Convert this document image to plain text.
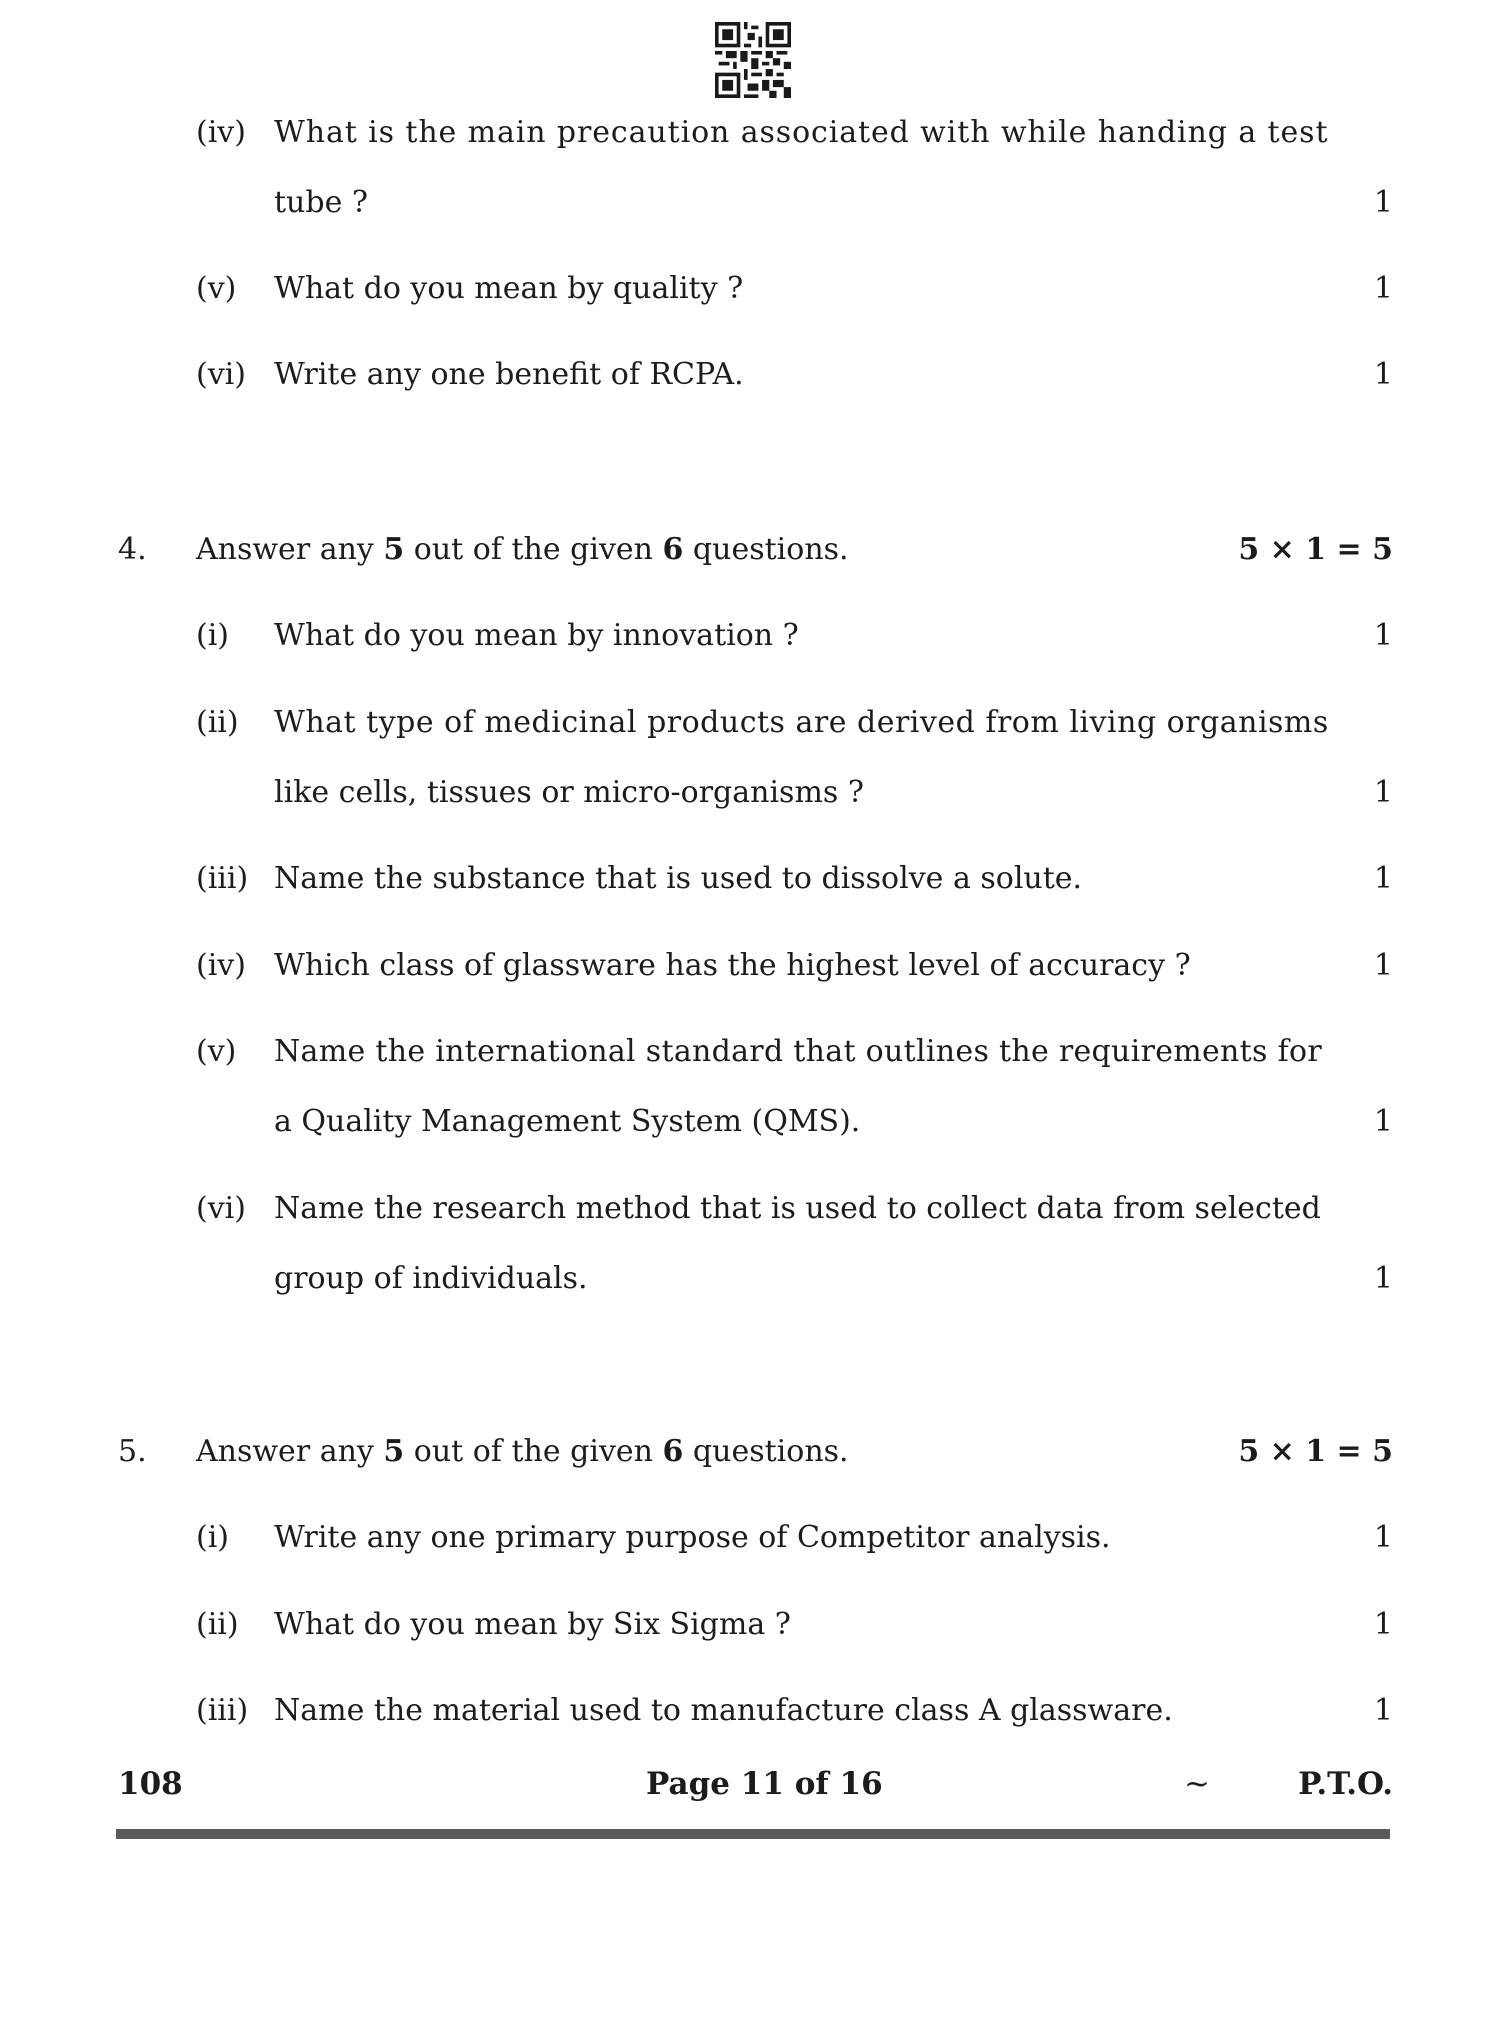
(iv) What is the main precaution associated with while handing a test
tube ?	1
(v) What do you mean by quality ?	1
(vi) Write any one benefit of RCPA.	1
4. Answer any 5 out of the given 6 questions.	5 × 1 = 5
(i) What do you mean by innovation ?	1
(ii) What type of medicinal products are derived from living organisms
like cells, tissues or micro-organisms ?	1
(iii) Name the substance that is used to dissolve a solute.	1
(iv) Which class of glassware has the highest level of accuracy ?	1
(v) Name the international standard that outlines the requirements for
a Quality Management System (QMS).	1
(vi) Name the research method that is used to collect data from selected
group of individuals.	1
5. Answer any 5 out of the given 6 questions.	5 × 1 = 5
(i) Write any one primary purpose of Competitor analysis.	1
(ii) What do you mean by Six Sigma ?	1
(iii) Name the material used to manufacture class A glassware.	1
108	Page 11 of 16	~	P.T.O.
